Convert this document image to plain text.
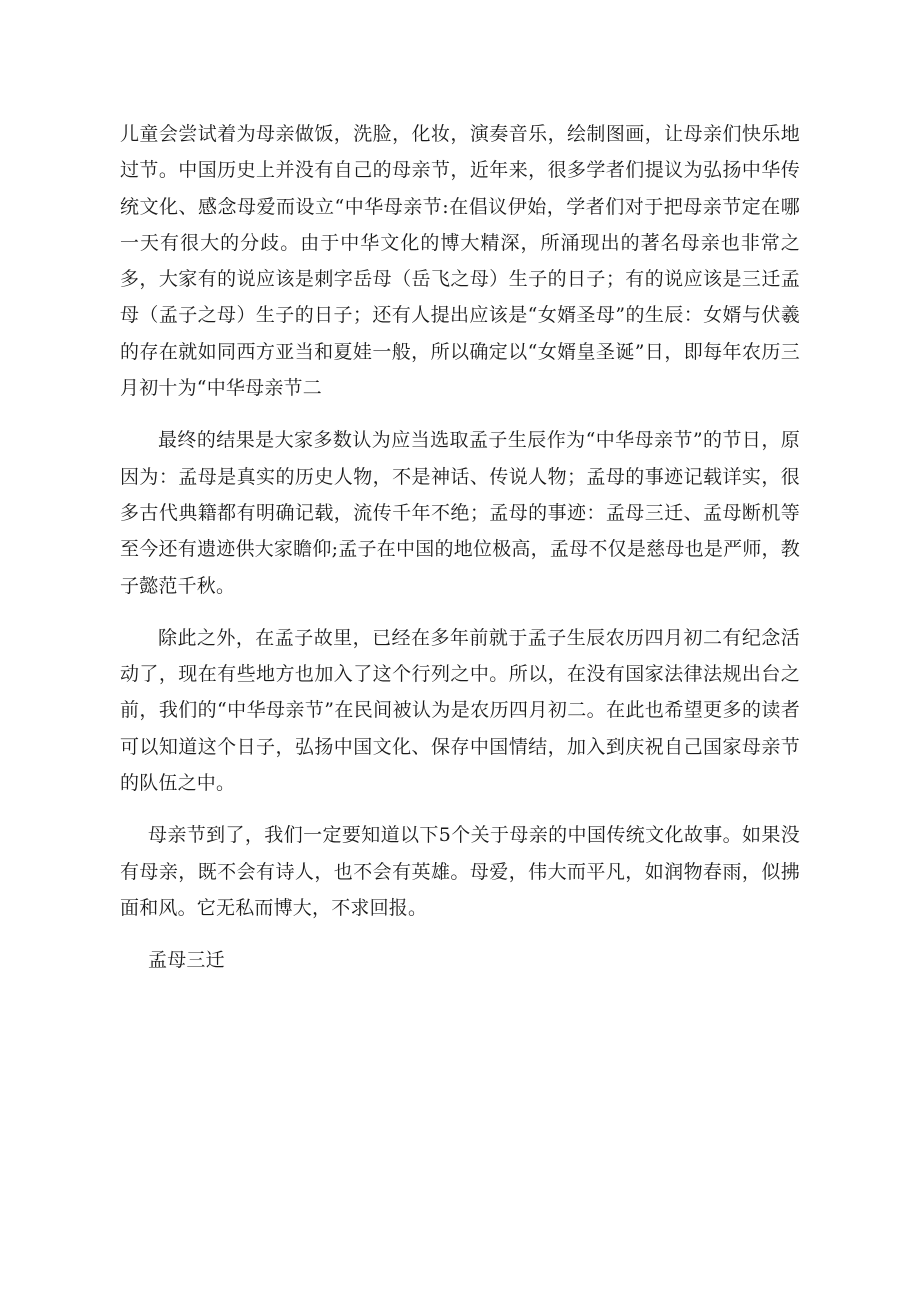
儿童会尝试着为母亲做饭，洗脸，化妆，演奏音乐，绘制图画，让母亲们快乐地过节。中国历史上并没有自己的母亲节，近年来，很多学者们提议为弘扬中华传统文化、感念母爱而设立“中华母亲节:在倡议伊始，学者们对于把母亲节定在哪一天有很大的分歧。由于中华文化的博大精深，所涌现出的著名母亲也非常之多，大家有的说应该是刺字岳母（岳飞之母）生子的日子；有的说应该是三迁孟母（孟子之母）生子的日子；还有人提出应该是“女婿圣母”的生辰：女婿与伏羲的存在就如同西方亚当和夏娃一般，所以确定以“女婿皇圣诞”日，即每年农历三月初十为“中华母亲节二

最终的结果是大家多数认为应当选取孟子生辰作为“中华母亲节”的节日，原因为：孟母是真实的历史人物，不是神话、传说人物；孟母的事迹记载详实，很多古代典籍都有明确记载，流传千年不绝；孟母的事迹：孟母三迁、孟母断机等至今还有遗迹供大家瞻仰;孟子在中国的地位极高，孟母不仅是慈母也是严师，教子懿范千秋。

除此之外，在孟子故里，已经在多年前就于孟子生辰农历四月初二有纪念活动了，现在有些地方也加入了这个行列之中。所以，在没有国家法律法规出台之前，我们的“中华母亲节”在民间被认为是农历四月初二。在此也希望更多的读者可以知道这个日子，弘扬中国文化、保存中国情结，加入到庆祝自己国家母亲节的队伍之中。

母亲节到了，我们一定要知道以下5个关于母亲的中国传统文化故事。如果没有母亲，既不会有诗人，也不会有英雄。母爱，伟大而平凡，如润物春雨，似拂面和风。它无私而博大，不求回报。

孟母三迁
